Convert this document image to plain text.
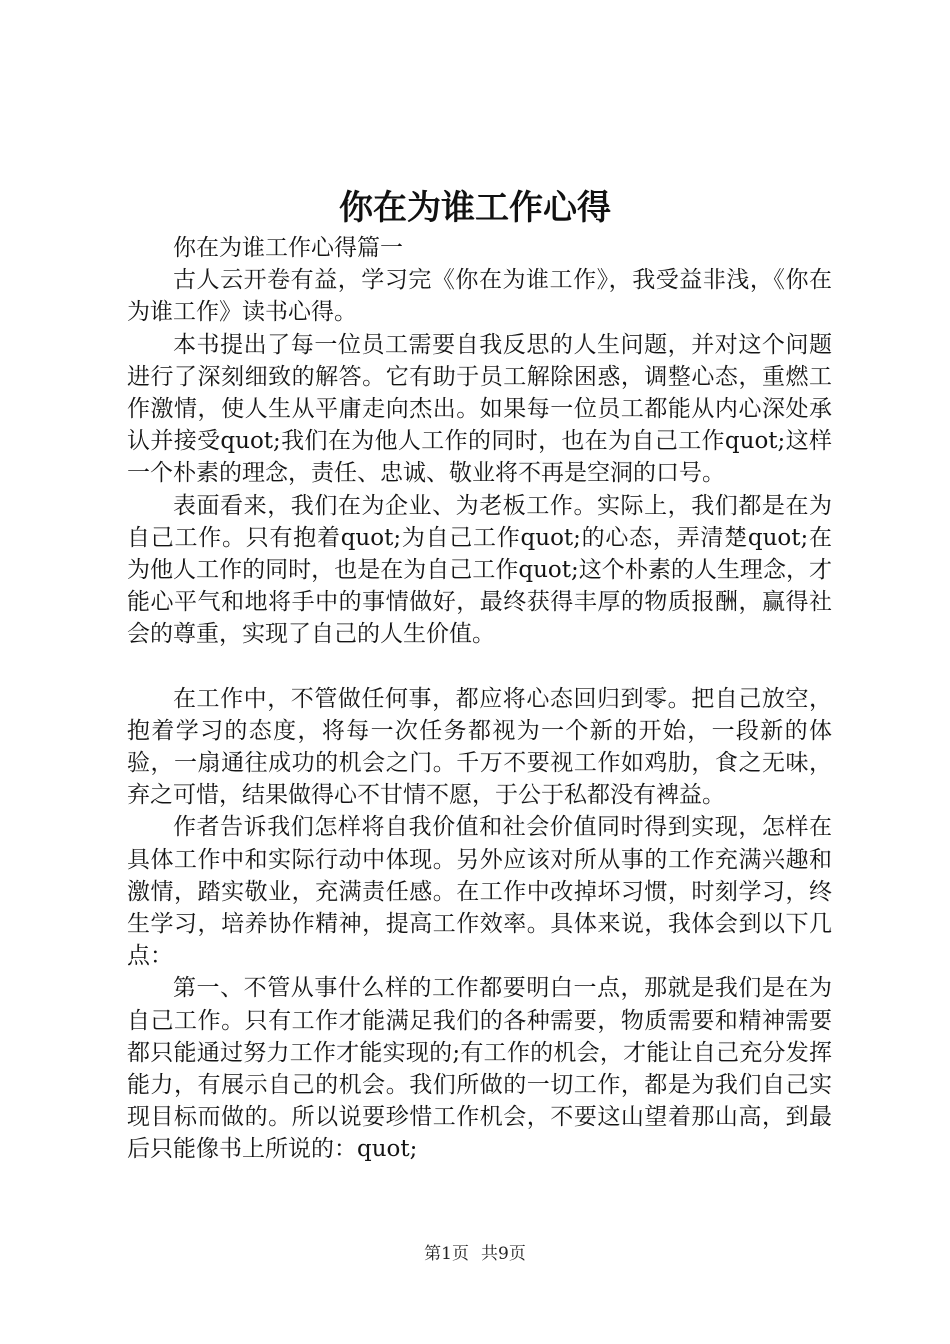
你在为谁工作心得

你在为谁工作心得篇一

古人云开卷有益，学习完《你在为谁工作》，我受益非浅，《你在为谁工作》读书心得。

本书提出了每一位员工需要自我反思的人生问题，并对这个问题进行了深刻细致的解答。它有助于员工解除困惑，调整心态，重燃工作激情，使人生从平庸走向杰出。如果每一位员工都能从内心深处承认并接受quot;我们在为他人工作的同时，也在为自己工作quot;这样一个朴素的理念，责任、忠诚、敬业将不再是空洞的口号。

表面看来，我们在为企业、为老板工作。实际上，我们都是在为自己工作。只有抱着quot;为自己工作quot;的心态，弄清楚quot;在为他人工作的同时，也是在为自己工作quot;这个朴素的人生理念，才能心平气和地将手中的事情做好，最终获得丰厚的物质报酬，赢得社会的尊重，实现了自己的人生价值。

在工作中，不管做任何事，都应将心态回归到零。把自己放空，抱着学习的态度，将每一次任务都视为一个新的开始，一段新的体验，一扇通往成功的机会之门。千万不要视工作如鸡肋，食之无味，弃之可惜，结果做得心不甘情不愿，于公于私都没有裨益。

作者告诉我们怎样将自我价值和社会价值同时得到实现，怎样在具体工作中和实际行动中体现。另外应该对所从事的工作充满兴趣和激情，踏实敬业，充满责任感。在工作中改掉坏习惯，时刻学习，终生学习，培养协作精神，提高工作效率。具体来说，我体会到以下几点：

第一、不管从事什么样的工作都要明白一点，那就是我们是在为自己工作。只有工作才能满足我们的各种需要，物质需要和精神需要都只能通过努力工作才能实现的;有工作的机会，才能让自己充分发挥能力，有展示自己的机会。我们所做的一切工作，都是为我们自己实现目标而做的。所以说要珍惜工作机会，不要这山望着那山高，到最后只能像书上所说的：quot;

第1页 共9页
